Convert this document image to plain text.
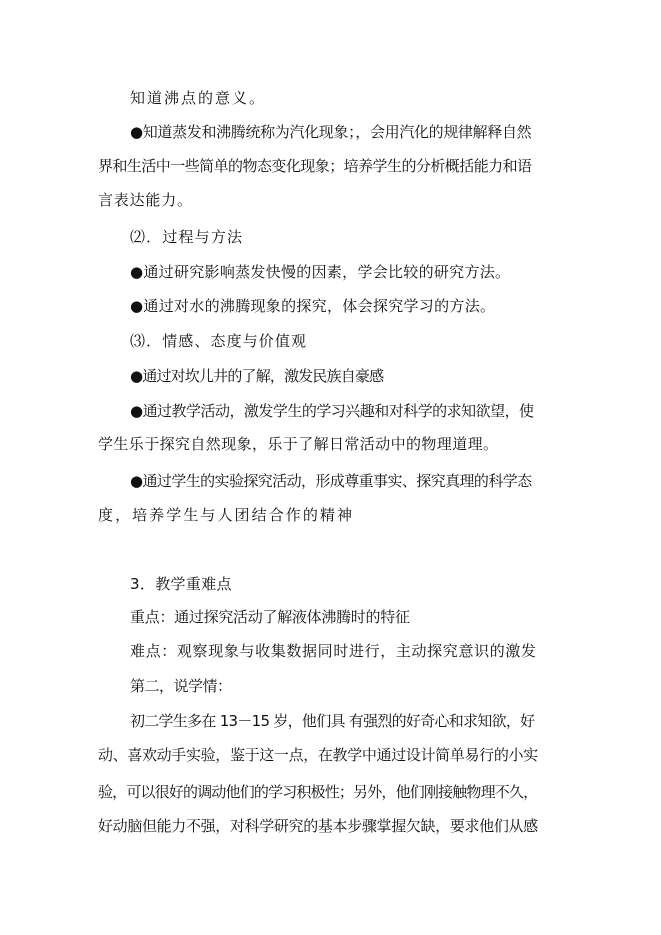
知道沸点的意义。
●知道蒸发和沸腾统称为汽化现象；，会用汽化的规律解释自然
界和生活中一些简单的物态变化现象；培养学生的分析概括能力和语
言表达能力。
⑵．过程与方法
●通过研究影响蒸发快慢的因素，学会比较的研究方法。
●通过对水的沸腾现象的探究，体会探究学习的方法。
⑶．情感、态度与价值观
●通过对坎儿井的了解，激发民族自豪感
●通过教学活动，激发学生的学习兴趣和对科学的求知欲望，使
学生乐于探究自然现象，乐于了解日常活动中的物理道理。
●通过学生的实验探究活动，形成尊重事实、探究真理的科学态
度，培养学生与人团结合作的精神
3．教学重难点
重点：通过探究活动了解液体沸腾时的特征
难点：观察现象与收集数据同时进行，主动探究意识的激发
第二，说学情：
初二学生多在 13－15 岁，他们具 有强烈的好奇心和求知欲，好
动、喜欢动手实验，鉴于这一点，在教学中通过设计简单易行的小实
验，可以很好的调动他们的学习积极性；另外，他们刚接触物理不久，
好动脑但能力不强，对科学研究的基本步骤掌握欠缺，要求他们从感
